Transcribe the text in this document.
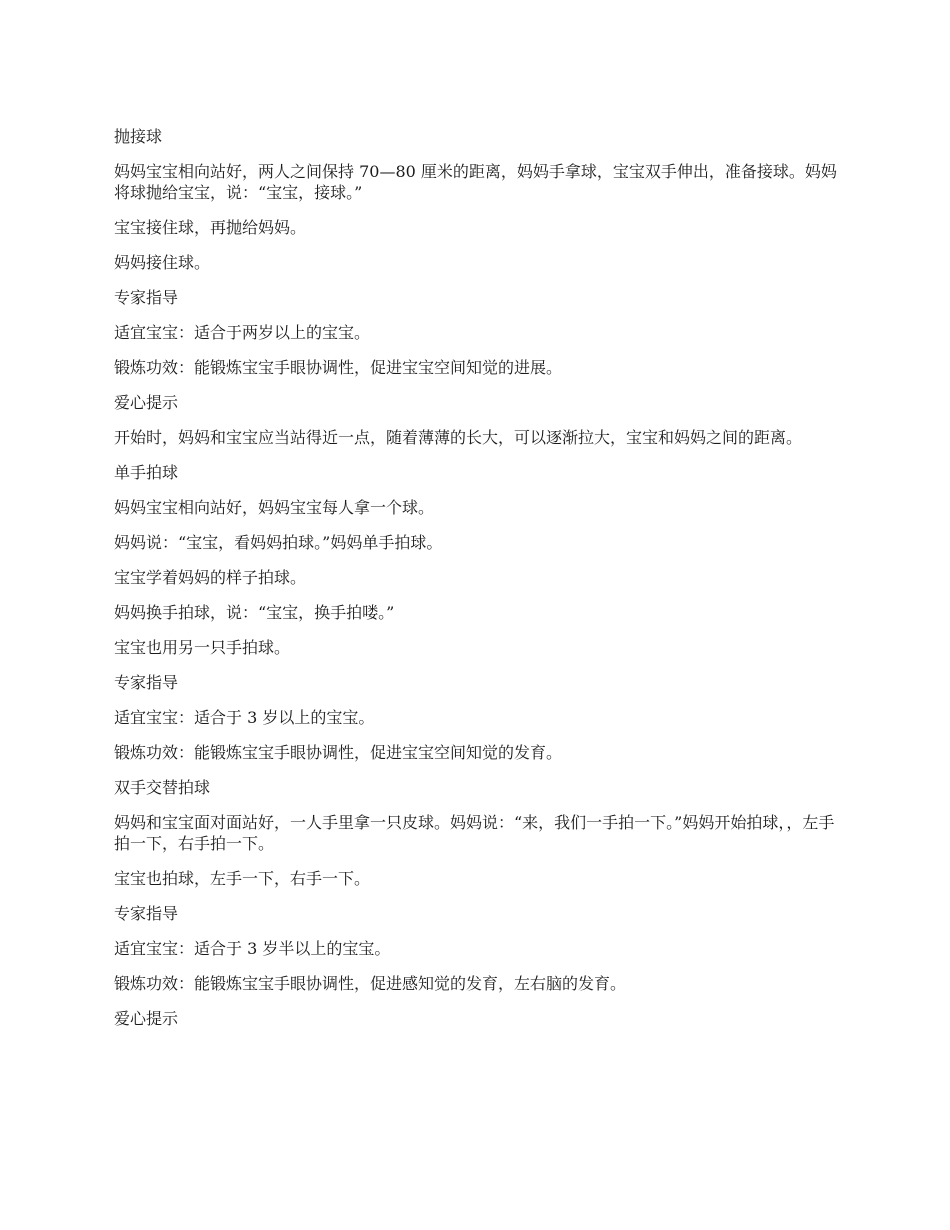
抛接球

妈妈宝宝相向站好，两人之间保持 70—80 厘米的距离，妈妈手拿球，宝宝双手伸出，准备接球。妈妈将球抛给宝宝，说：“宝宝，接球。”

宝宝接住球，再抛给妈妈。

妈妈接住球。

专家指导

适宜宝宝：适合于两岁以上的宝宝。

锻炼功效：能锻炼宝宝手眼协调性，促进宝宝空间知觉的进展。

爱心提示

开始时，妈妈和宝宝应当站得近一点，随着薄薄的长大，可以逐渐拉大，宝宝和妈妈之间的距离。

单手拍球

妈妈宝宝相向站好，妈妈宝宝每人拿一个球。

妈妈说：“宝宝，看妈妈拍球。”妈妈单手拍球。

宝宝学着妈妈的样子拍球。

妈妈换手拍球，说：“宝宝，换手拍喽。”

宝宝也用另一只手拍球。

专家指导

适宜宝宝：适合于 3 岁以上的宝宝。

锻炼功效：能锻炼宝宝手眼协调性，促进宝宝空间知觉的发育。

双手交替拍球

妈妈和宝宝面对面站好，一人手里拿一只皮球。妈妈说：“来，我们一手拍一下。”妈妈开始拍球，，左手拍一下，右手拍一下。

宝宝也拍球，左手一下，右手一下。

专家指导

适宜宝宝：适合于 3 岁半以上的宝宝。

锻炼功效：能锻炼宝宝手眼协调性，促进感知觉的发育，左右脑的发育。

爱心提示
